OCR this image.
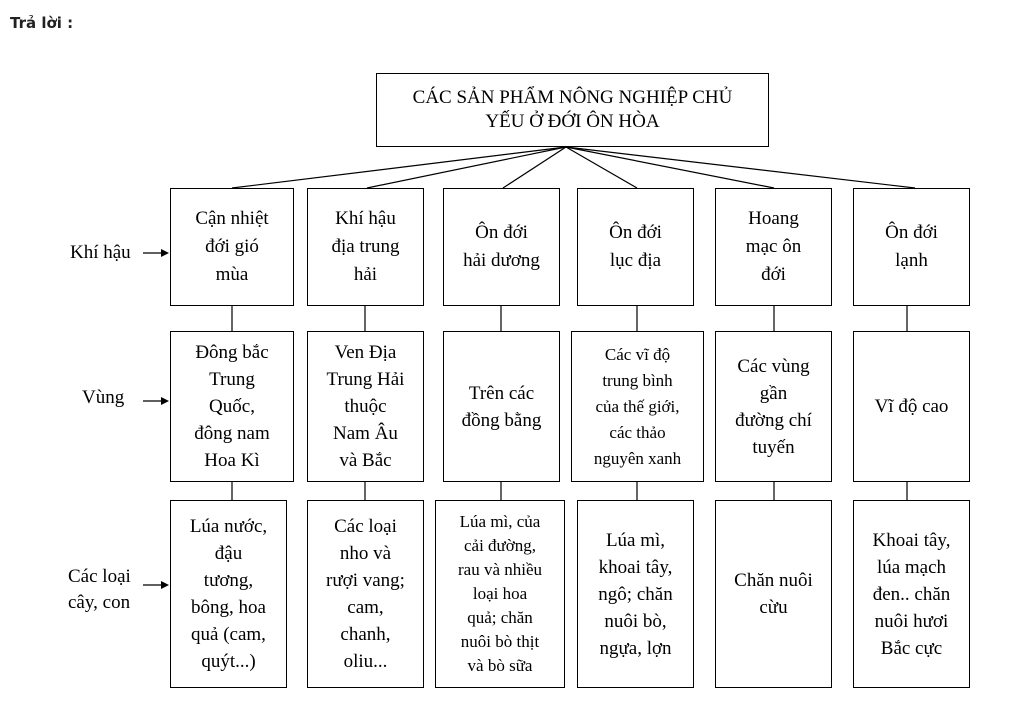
Trả lời :
CÁC SẢN PHẨM NÔNG NGHIỆP CHỦ
YẾU Ở ĐỚI ÔN HÒA
Khí hậu
Vùng
Các loại
cây, con
Cận nhiệt
đới gió
mùa
Khí hậu
địa trung
hải
Ôn đới
hải dương
Ôn đới
lục địa
Hoang
mạc ôn
đới
Ôn đới
lạnh
Đông bắc
Trung
Quốc,
đông nam
Hoa Kì
Ven Địa
Trung Hải
thuộc
Nam Âu
và Bắc
Trên các
đồng bằng
Các vĩ độ
trung bình
của thế giới,
các thảo
nguyên xanh
Các vùng
gần
đường chí
tuyến
Vĩ độ cao
Lúa nước,
đậu
tương,
bông, hoa
quả (cam,
quýt...)
Các loại
nho và
rượi vang;
cam,
chanh,
oliu...
Lúa mì, của
cải đường,
rau và nhiều
loại hoa
quả; chăn
nuôi bò thịt
và bò sữa
Lúa mì,
khoai tây,
ngô; chăn
nuôi bò,
ngựa, lợn
Chăn nuôi
cừu
Khoai tây,
lúa mạch
đen.. chăn
nuôi hươi
Bắc cực
